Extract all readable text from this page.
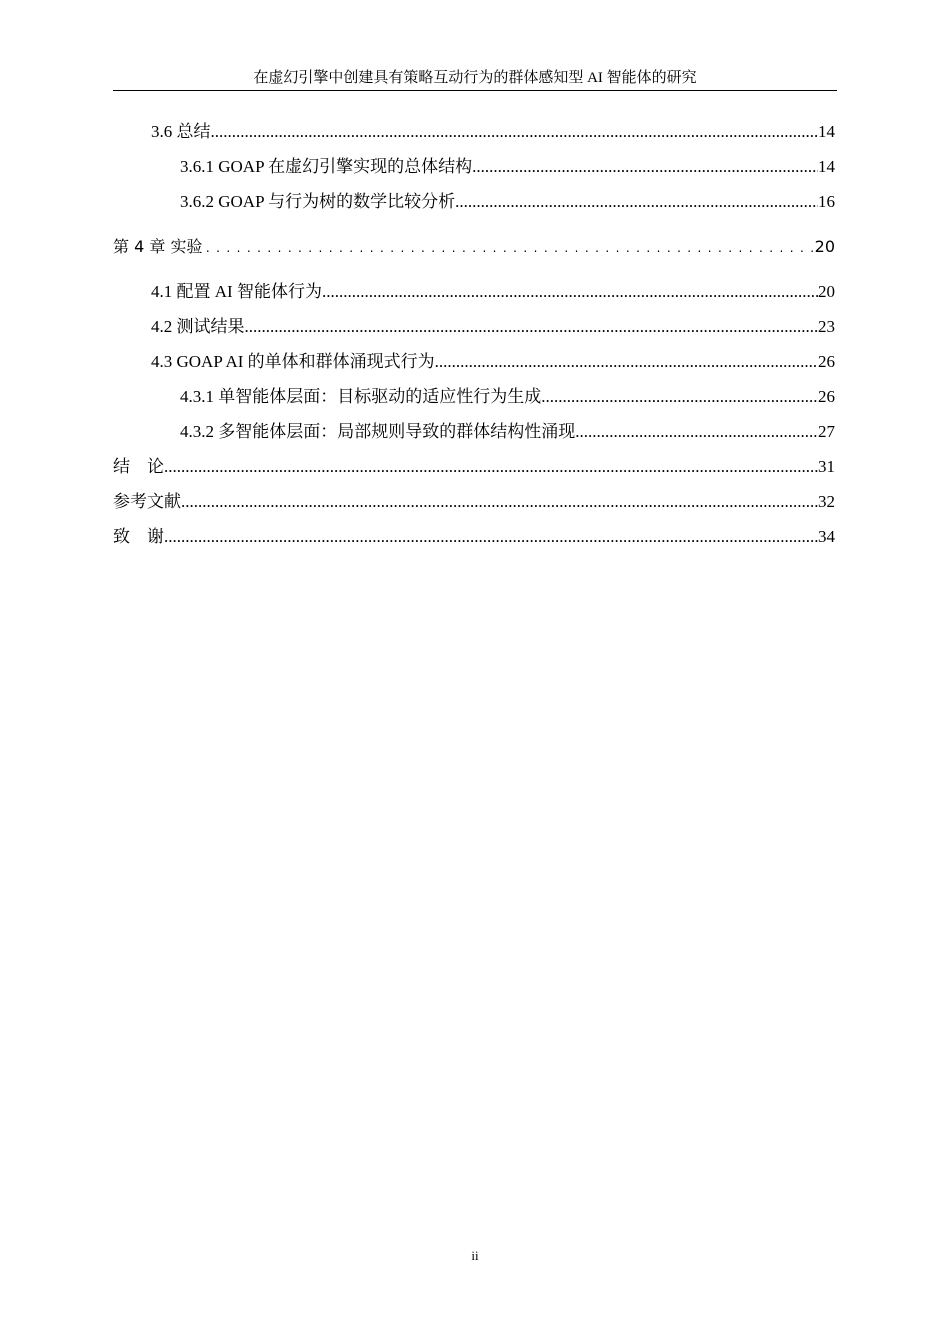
在虚幻引擎中创建具有策略互动行为的群体感知型 AI 智能体的研究
3.6 总结 .....	14
3.6.1 GOAP 在虚幻引擎实现的总体结构 .....	14
3.6.2 GOAP 与行为树的数学比较分析 .....	16
第 4 章 实验 . .	20
4.1 配置 AI 智能体行为 .....	20
4.2 测试结果 .....	23
4.3 GOAP AI 的单体和群体涌现式行为 .....	26
4.3.1 单智能体层面：目标驱动的适应性行为生成 .....	26
4.3.2 多智能体层面：局部规则导致的群体结构性涌现 .....	27
结　论 .....	31
参考文献 .....	32
致　谢 .....	34
ii
